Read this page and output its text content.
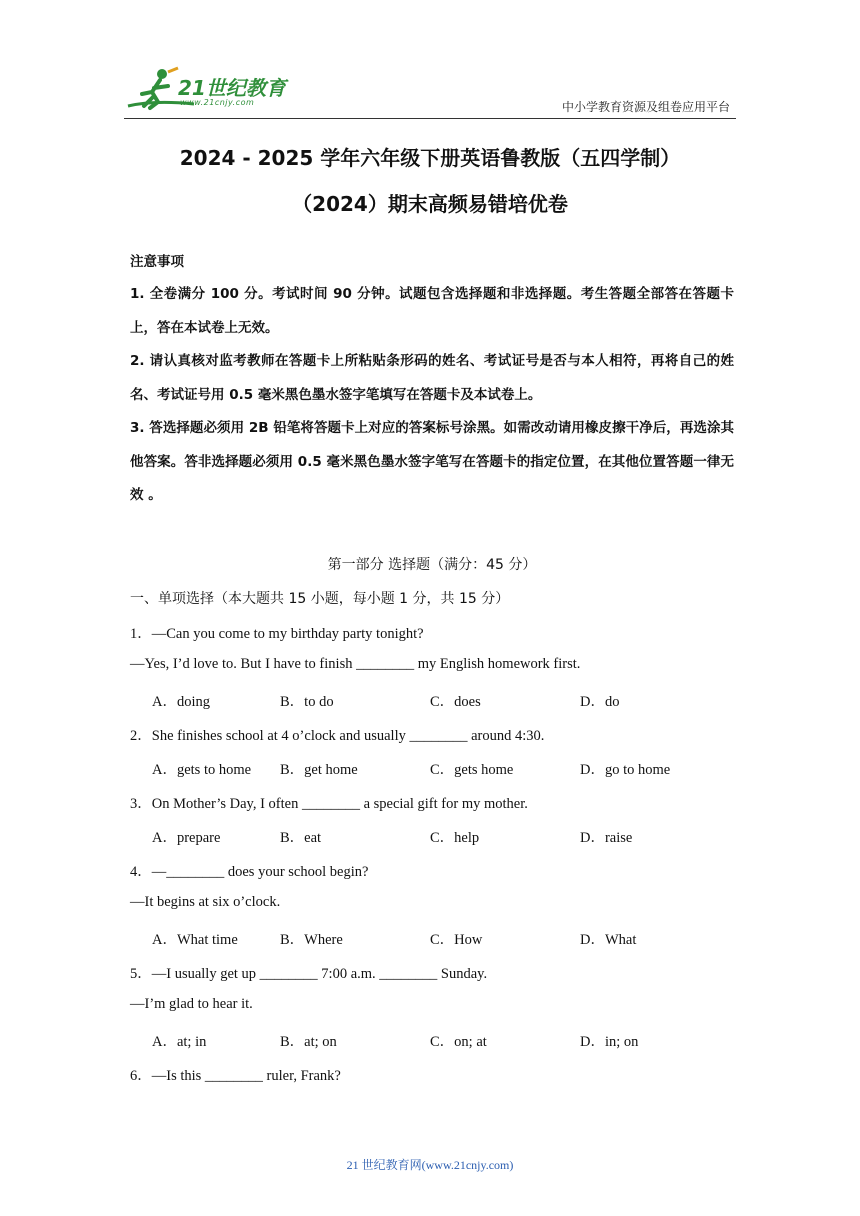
21世纪教育
www.21cnjy.com	中小学教育资源及组卷应用平台
2024 - 2025 学年六年级下册英语鲁教版（五四学制）
（2024）期末高频易错培优卷
注意事项
1. 全卷满分 100 分。考试时间 90 分钟。试题包含选择题和非选择题。考生答题全部答在答题卡上，答在本试卷上无效。
2. 请认真核对监考教师在答题卡上所粘贴条形码的姓名、考试证号是否与本人相符，再将自己的姓名、考试证号用 0.5 毫米黑色墨水签字笔填写在答题卡及本试卷上。
3. 答选择题必须用 2B 铅笔将答题卡上对应的答案标号涂黑。如需改动请用橡皮擦干净后，再选涂其他答案。答非选择题必须用 0.5 毫米黑色墨水签字笔写在答题卡的指定位置，在其他位置答题一律无效 。
第一部分 选择题（满分：45 分）
一、单项选择（本大题共 15 小题，每小题 1 分，共 15 分）
1．—Can you come to my birthday party tonight?
—Yes, I’d love to. But I have to finish ________ my English homework first.
A．doing	B．to do	C．does	D．do
2．She finishes school at 4 o’clock and usually ________ around 4:30.
A．gets to home B．get home	C．gets home	D．go to home
3．On Mother’s Day, I often ________ a special gift for my mother.
A．prepare	B．eat	C．help	D．raise
4．—________ does your school begin?
—It begins at six o’clock.
A．What time	B．Where	C．How	D．What
5．—I usually get up ________ 7:00 a.m. ________ Sunday.
—I’m glad to hear it.
A．at; in	B．at; on	C．on; at	D．in; on
6．—Is this ________ ruler, Frank?
21 世纪教育网(www.21cnjy.com)
